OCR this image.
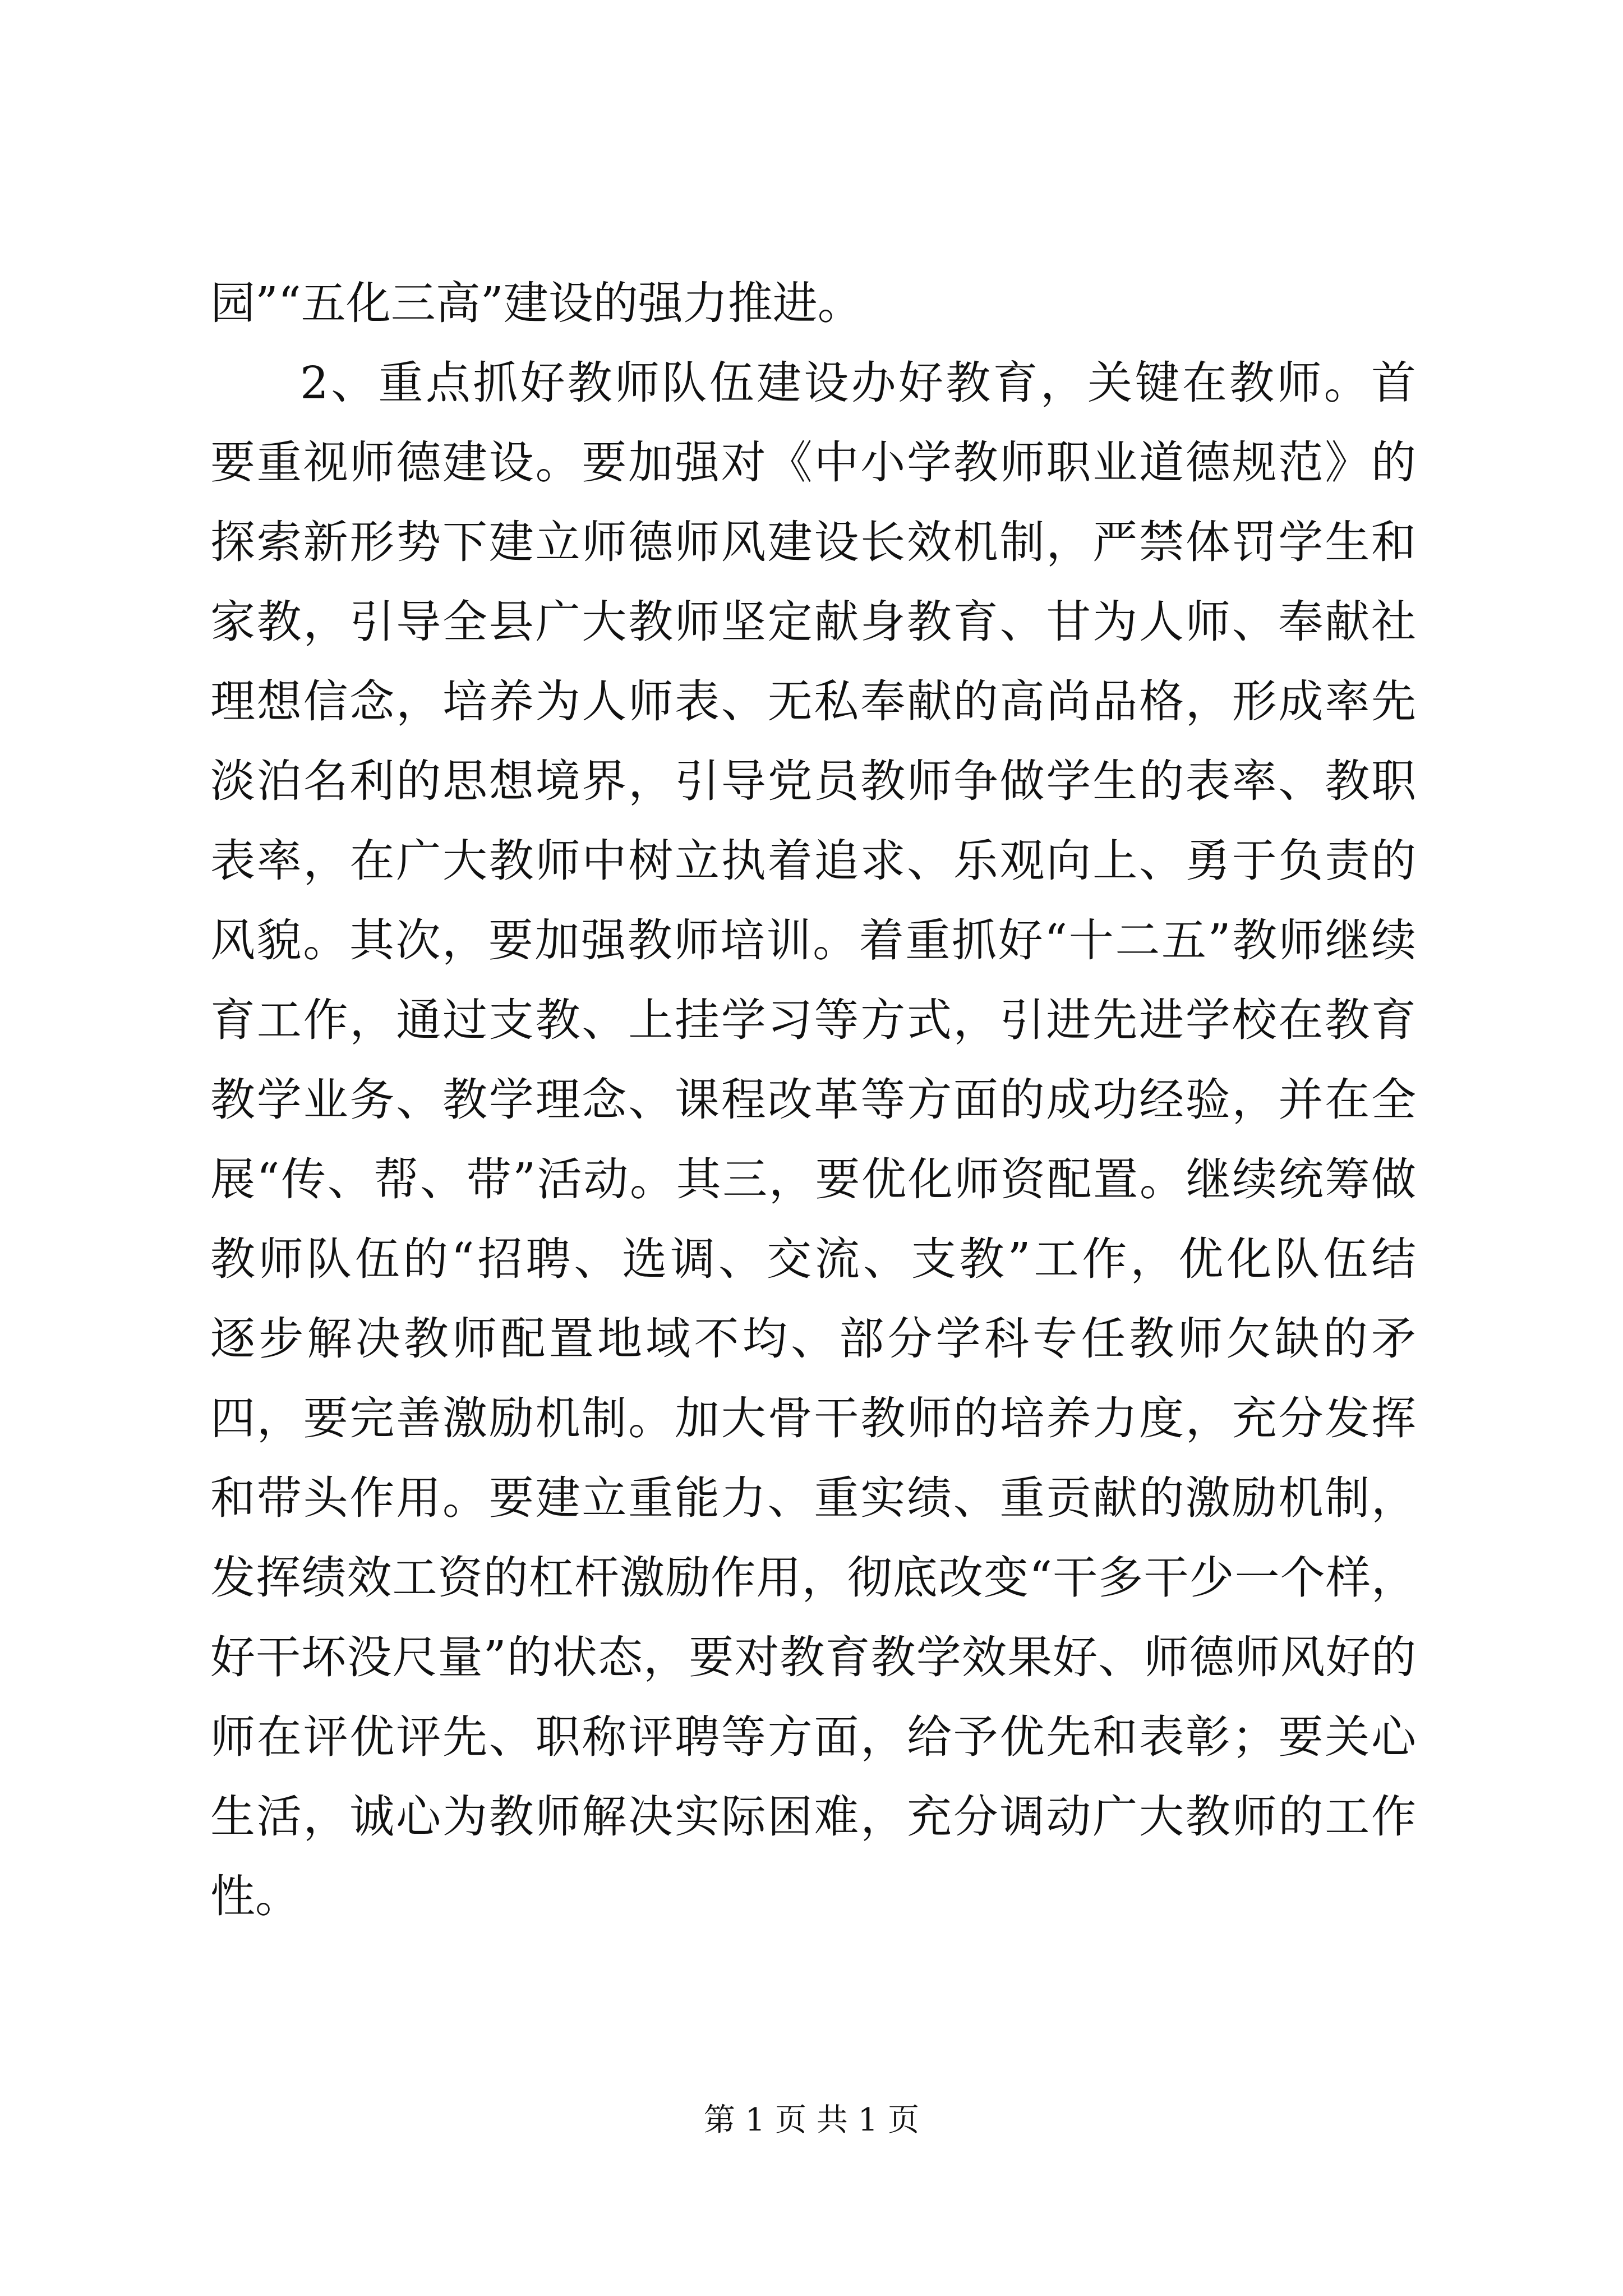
园”“五化三高”建设的强力推进。
2、重点抓好教师队伍建设办好教育，关键在教师。首
要重视师德建设。要加强对《中小学教师职业道德规范》的
探索新形势下建立师德师风建设长效机制，严禁体罚学生和
家教，引导全县广大教师坚定献身教育、甘为人师、奉献社
理想信念，培养为人师表、无私奉献的高尚品格，形成率先
淡泊名利的思想境界，引导党员教师争做学生的表率、教职
表率，在广大教师中树立执着追求、乐观向上、勇于负责的
风貌。其次，要加强教师培训。着重抓好“十二五”教师继续
育工作，通过支教、上挂学习等方式，引进先进学校在教育
教学业务、教学理念、课程改革等方面的成功经验，并在全
展“传、帮、带”活动。其三，要优化师资配置。继续统筹做
教师队伍的“招聘、选调、交流、支教”工作，优化队伍结
逐步解决教师配置地域不均、部分学科专任教师欠缺的矛
四，要完善激励机制。加大骨干教师的培养力度，充分发挥
和带头作用。要建立重能力、重实绩、重贡献的激励机制，
发挥绩效工资的杠杆激励作用，彻底改变“干多干少一个样，
好干坏没尺量”的状态，要对教育教学效果好、师德师风好的
师在评优评先、职称评聘等方面，给予优先和表彰；要关心
生活，诚心为教师解决实际困难，充分调动广大教师的工作
性。
第 1 页 共 1 页
